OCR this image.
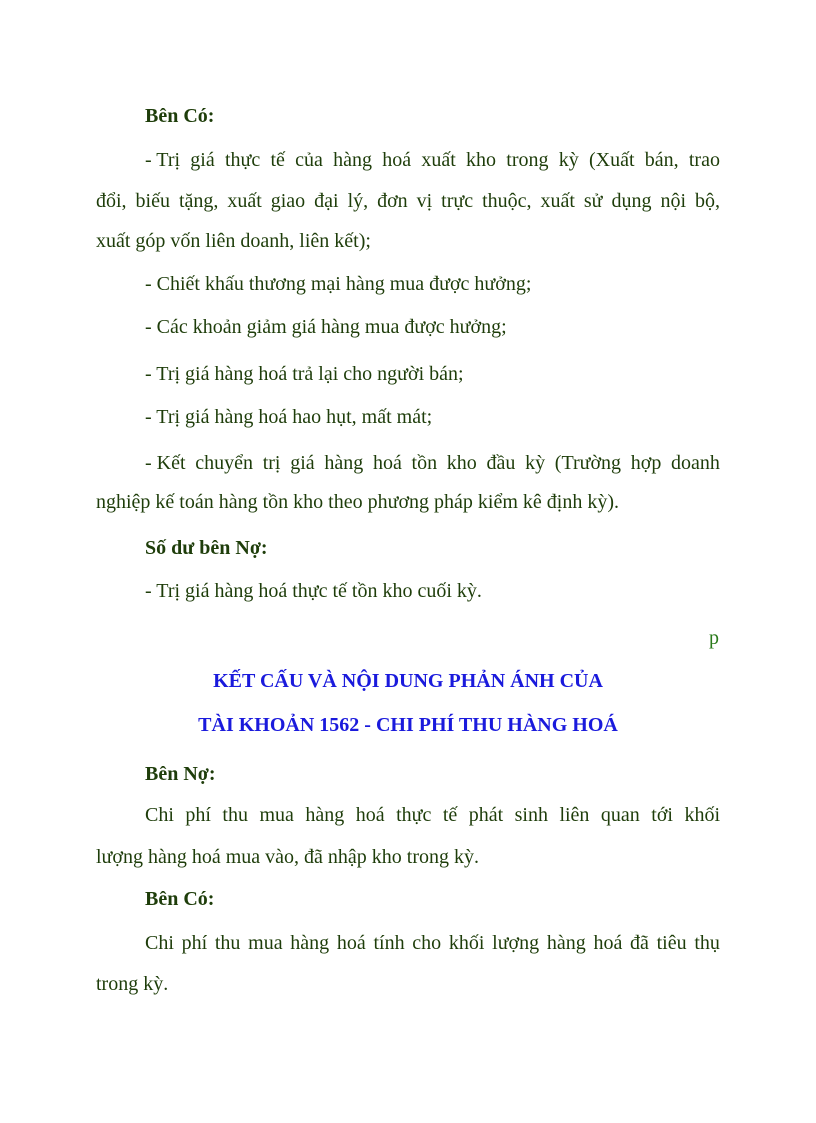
Bên Có:
- Trị giá thực tế của hàng hoá xuất kho trong kỳ (Xuất bán, trao
đổi, biếu tặng, xuất giao đại lý, đơn vị trực thuộc, xuất sử dụng nội bộ,
xuất góp vốn liên doanh, liên kết);
- Chiết khấu thương mại hàng mua được hưởng;
- Các khoản giảm giá hàng mua được hưởng;
- Trị giá hàng hoá trả lại cho người bán;
- Trị giá hàng hoá hao hụt, mất mát;
- Kết chuyển trị giá hàng hoá tồn kho đầu kỳ (Trường hợp doanh
nghiệp kế toán hàng tồn kho theo phương pháp kiểm kê định kỳ).
Số dư bên Nợ:
- Trị giá hàng hoá thực tế tồn kho cuối kỳ.
p
KẾT CẤU VÀ NỘI DUNG PHẢN ÁNH CỦA
TÀI KHOẢN 1562 - CHI PHÍ THU HÀNG HOÁ
Bên Nợ:
Chi phí thu mua hàng hoá thực tế phát sinh liên quan tới khối
lượng hàng hoá mua vào, đã nhập kho trong kỳ.
Bên Có:
Chi phí thu mua hàng hoá tính cho khối lượng hàng hoá đã tiêu thụ
trong kỳ.
